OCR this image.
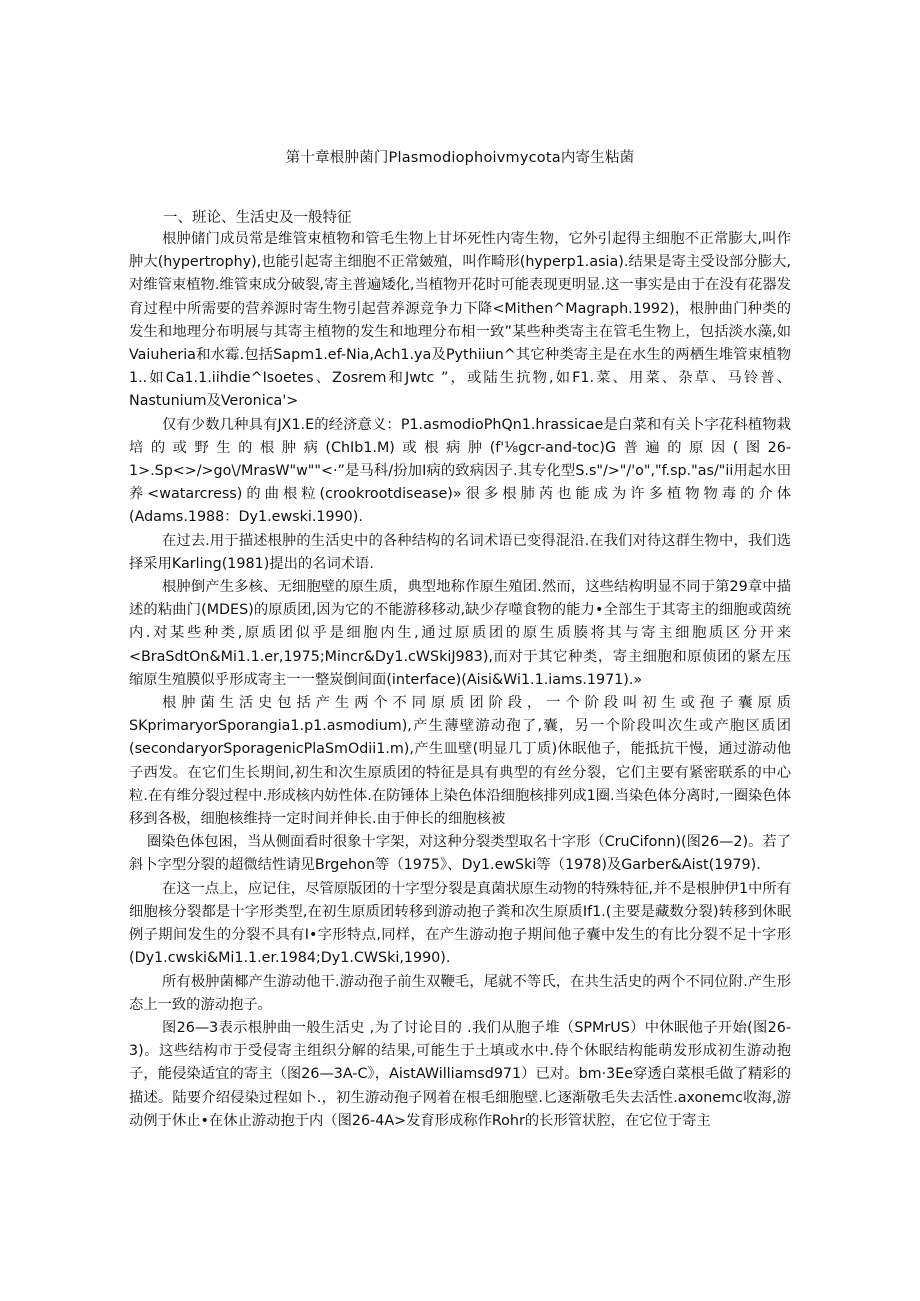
第十章根肿菌门Plasmodiophoivmycota内寄生粘菌
一、班论、生活史及一般特征

根肿储门成员常是维管束植物和管毛生物上甘坏死性内寄生物，它外引起得主细胞不正常膨大,叫作肿大(hypertrophy),也能引起寄主细胞不正常皴殖，叫作畸形(hyperp1.asia).结果是寄主受设部分膨大,对维管束植物.维管束成分破裂,寄主普遍矮化,当植物开花时可能表现更明显.这一事实是由于在没有花器发育过程中所需要的营养源时寄生物引起营养源竞争力下降<Mithen^Magraph.1992)，根肿曲门种类的发生和地理分布明展与其寄主植物的发生和地理分布相一致”某些种类寄主在管毛生物上，包括淡水藻,如Vaiuheria和水霉.包括Sapm1.ef-Nia,Ach1.ya及Pythiiun^其它种类寄主是在水生的两栖生堆管束植物1..如Ca1.1.iihdie^Isoetes、Zosrem和Jwtc ”，或陆生抗物,如F1.菜、用菜、杂草、马铃普、Nastunium及Veronica'>

仅有少数几种具有JX1.E的经济意义：P1.asmodioPhQn1.hrassicae是白菜和有关卜字花科植物栽培的或野生的根肿病(ChIb1.M)或根病肿(f'⅛gcr-and-toc)G普遍的原因(图26-1>.Sp<>/>go\/MrasW"w""<·”是马科/扮加I病的致病因子.其专化型S.s"/>"/'o","f.sp."as/"ii用起水田养<watarcress)的曲根粒(crookrootdisease)»很多根肺芮也能成为许多植物物毒的介体(Adams.1988：Dy1.ewski.1990).

在过去.用于描述根肿的生活史中的各种结构的名词术语已变得混沿.在我们对待这群生物中，我们选择采用Karling(1981)提出的名词术语.

根肿倒产生多核、无细胞壁的原生质，典型地称作原生殖团.然而，这些结构明显不同于第29章中描述的粘曲门(MDES)的原质团,因为它的不能游移移动,缺少存噬食物的能力•全部生于其寄主的细胞或茵统内.对某些种类,原质团似乎是细胞内生,通过原质团的原生质腠将其与寄主细胞质区分开来<BraSdtOn&Mi1.1.er,1975;Mincr&Dy1.cWSkiJ983),而对于其它种类，寄主细胞和原侦团的紧左压缩原生殖膜似乎形成寄主一一整炭倒间面(interface)(Aisi&Wi1.1.iams.1971).»

根肿菌生活史包括产生两个不同原质团阶段，一个阶段叫初生或孢子囊原质SKprimaryorSporangia1.p1.asmodium),产生薄壁游动孢了,囊，另一个阶段叫次生或产胞区质团(secondaryorSporagenicPlaSmOdii1.m),产生皿壁(明显几丁质)休眠他子，能抵抗干慢，通过游动他子西发。在它们生长期间,初生和次生原质团的特征是具有典型的有丝分裂，它们主要有紧密联系的中心粒.在有维分裂过程中.形成核内妨性体.在防锤体上染色体沿细胞核排列成1圈.当染色体分离时,一圈染色体移到各极，细胞核维持一定时间并伸长.由于伸长的细胞核被

圈染色体包困，当从侧面看时很象十字架，对这种分裂类型取名十字形（CruCifonn)(图26—2)。若了斜卜字型分裂的超微结性请见Brgehon等（1975》、Dy1.ewSki等（1978)及Garber&Aist(1979).

在这一点上，应记住，尽管原版团的十字型分裂是真菌状原生动物的特殊特征,并不是根肿伊1中所有细胞核分裂都是十字形类型,在初生原质团转移到游动抱子粪和次生原质If1.(主要是藏数分裂)转移到休眠例子期间发生的分裂不具有I•字形特点,同样，在产生游动抱子期间他子囊中发生的有比分裂不足十字形(Dy1.cwski&Mi1.1.er.1984;Dy1.CWSki,1990).

所有极肿菌椰产生游动他干.游动孢子前生双鞭毛，尾就不等氏，在共生活史的两个不同位附.产生形态上一致的游动抱子。

图26—3表示根肿曲一般生活史 ,为了讨论目的 .我们从胞子堆（SPMrUS）中休眠他子开始(图26-3)。这些结构市于受侵寄主组织分解的结果,可能生于土填或水中.侍个休眠结构能萌发形成初生游动抱子，能侵染适宜的寄主（图26—3A-C》，AistAWilliamsd971）已对。bm·3Ee穿透白菜根毛做了精彩的描述。陆要介绍侵染过程如卜.，初生游动孢子网着在根毛细胞壁.匕逐渐敬毛失去活性.axonemc收海,游动例于休止•在休止游动抱于内（图26-4A>发育形成称作Rohr的长形管状腔，在它位于寄主
